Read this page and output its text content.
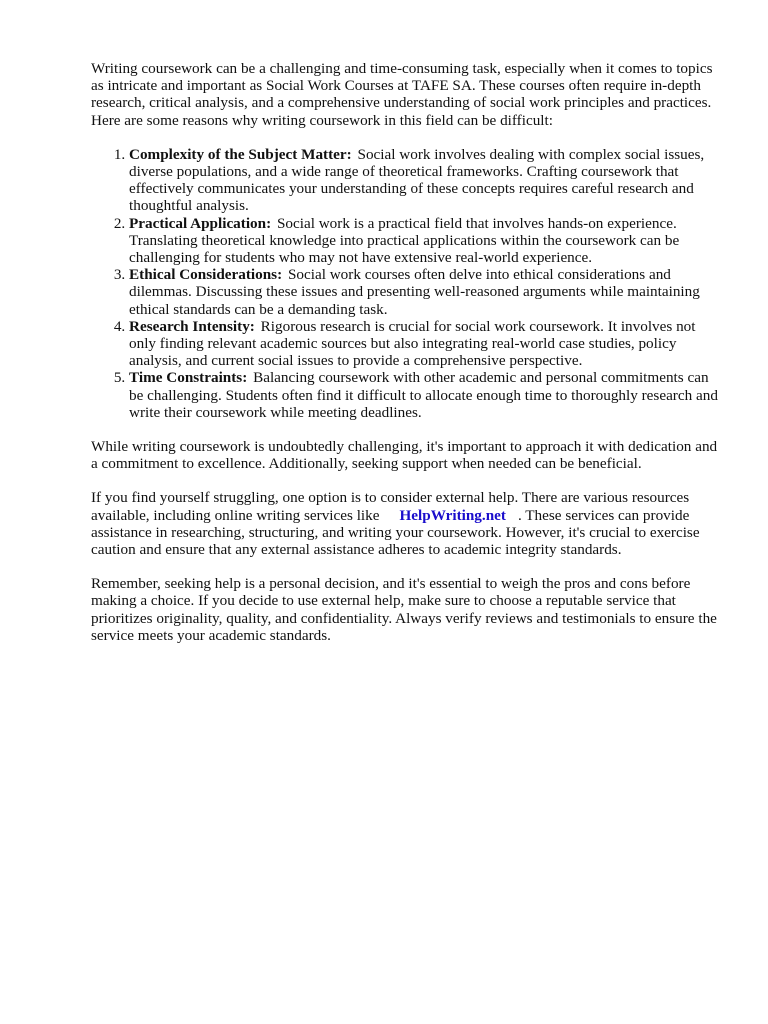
Writing coursework can be a challenging and time-consuming task, especially when it comes to topics as intricate and important as Social Work Courses at TAFE SA. These courses often require in-depth research, critical analysis, and a comprehensive understanding of social work principles and practices. Here are some reasons why writing coursework in this field can be difficult:

1. Complexity of the Subject Matter: Social work involves dealing with complex social issues, diverse populations, and a wide range of theoretical frameworks. Crafting coursework that effectively communicates your understanding of these concepts requires careful research and thoughtful analysis.
2. Practical Application: Social work is a practical field that involves hands-on experience. Translating theoretical knowledge into practical applications within the coursework can be challenging for students who may not have extensive real-world experience.
3. Ethical Considerations: Social work courses often delve into ethical considerations and dilemmas. Discussing these issues and presenting well-reasoned arguments while maintaining ethical standards can be a demanding task.
4. Research Intensity: Rigorous research is crucial for social work coursework. It involves not only finding relevant academic sources but also integrating real-world case studies, policy analysis, and current social issues to provide a comprehensive perspective.
5. Time Constraints: Balancing coursework with other academic and personal commitments can be challenging. Students often find it difficult to allocate enough time to thoroughly research and write their coursework while meeting deadlines.

While writing coursework is undoubtedly challenging, it's important to approach it with dedication and a commitment to excellence. Additionally, seeking support when needed can be beneficial.

If you find yourself struggling, one option is to consider external help. There are various resources available, including online writing services like HelpWriting.net . These services can provide assistance in researching, structuring, and writing your coursework. However, it's crucial to exercise caution and ensure that any external assistance adheres to academic integrity standards.

Remember, seeking help is a personal decision, and it's essential to weigh the pros and cons before making a choice. If you decide to use external help, make sure to choose a reputable service that prioritizes originality, quality, and confidentiality. Always verify reviews and testimonials to ensure the service meets your academic standards.
